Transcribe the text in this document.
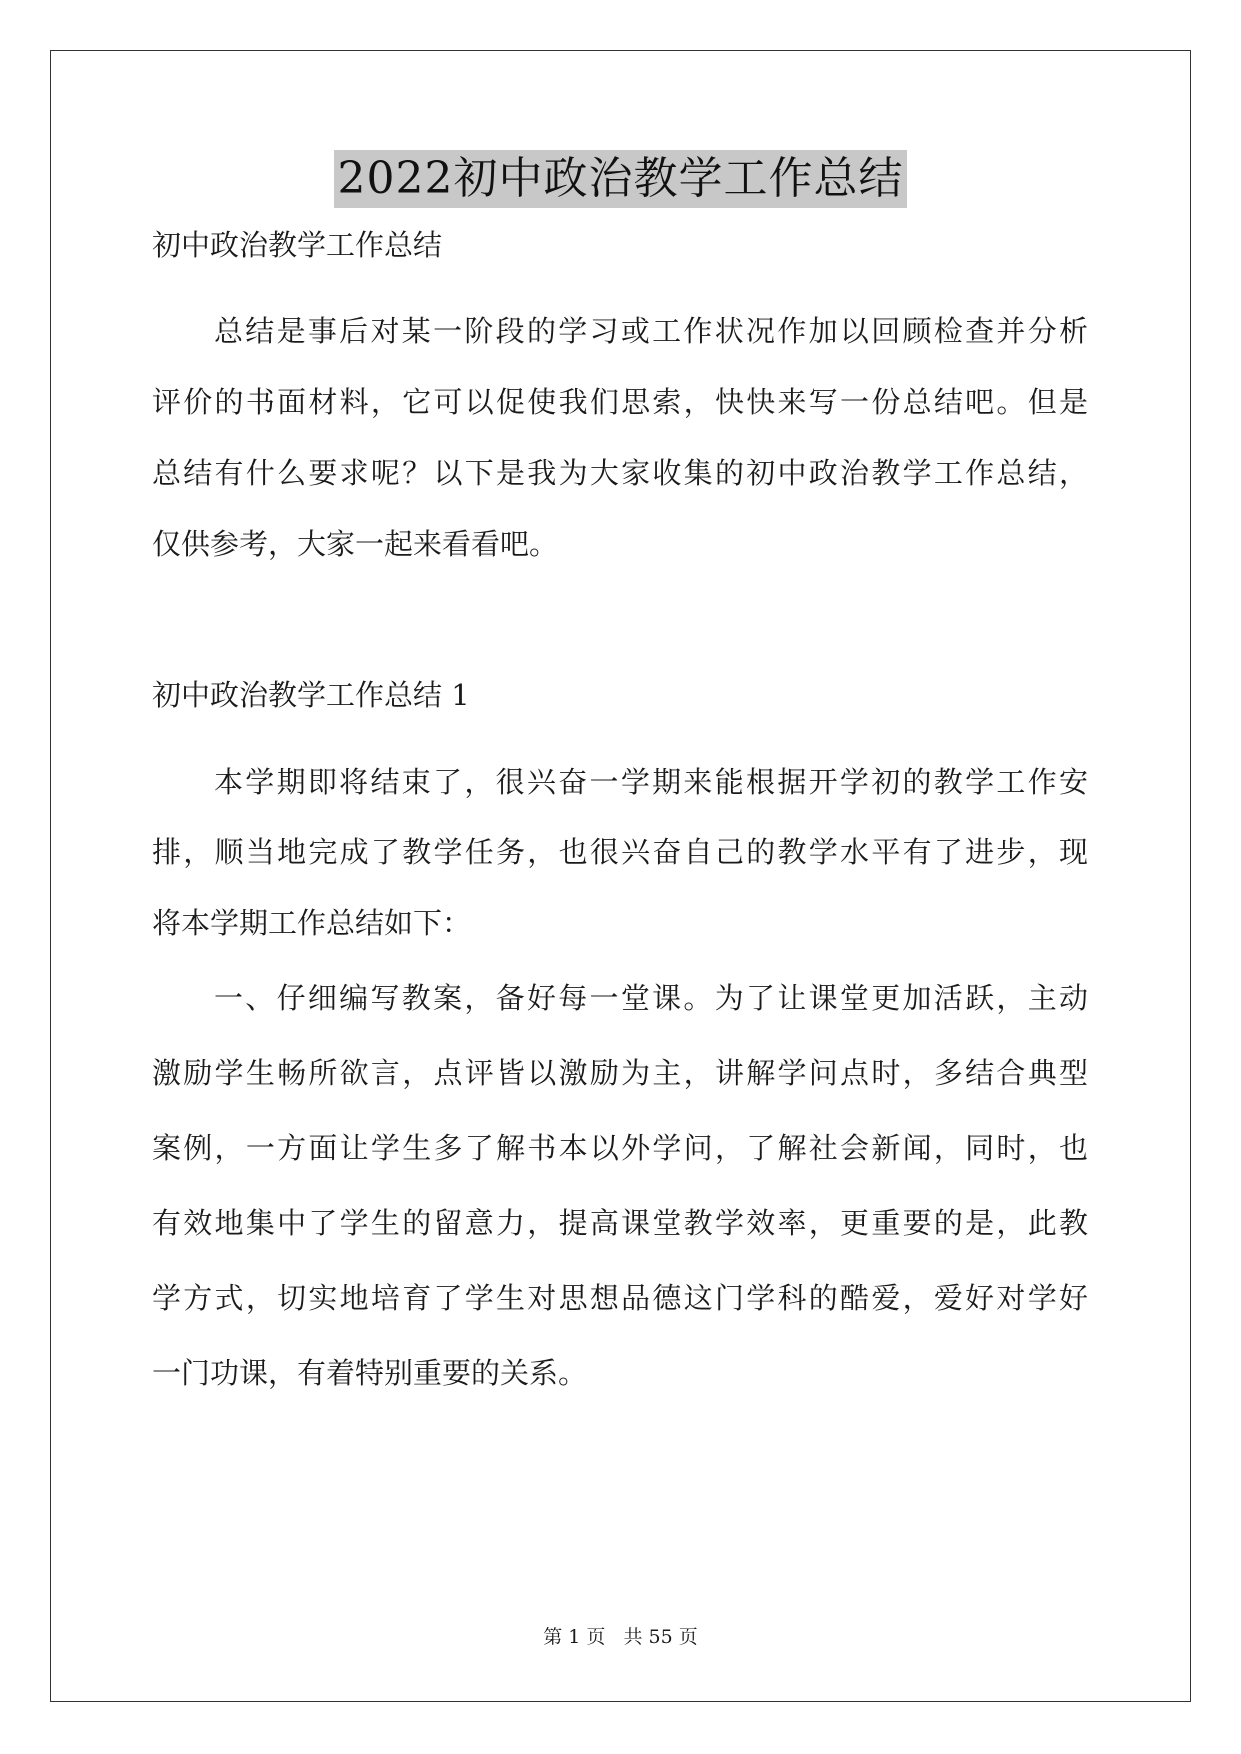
2022初中政治教学工作总结
初中政治教学工作总结
总结是事后对某一阶段的学习或工作状况作加以回顾检查并分析
评价的书面材料，它可以促使我们思索，快快来写一份总结吧。但是
总结有什么要求呢？以下是我为大家收集的初中政治教学工作总结，
仅供参考，大家一起来看看吧。
初中政治教学工作总结 1
本学期即将结束了，很兴奋一学期来能根据开学初的教学工作安
排，顺当地完成了教学任务，也很兴奋自己的教学水平有了进步，现
将本学期工作总结如下：
一、仔细编写教案，备好每一堂课。为了让课堂更加活跃，主动
激励学生畅所欲言，点评皆以激励为主，讲解学问点时，多结合典型
案例，一方面让学生多了解书本以外学问，了解社会新闻，同时，也
有效地集中了学生的留意力，提高课堂教学效率，更重要的是，此教
学方式，切实地培育了学生对思想品德这门学科的酷爱，爱好对学好
一门功课，有着特别重要的关系。
第 1 页 共 55 页
